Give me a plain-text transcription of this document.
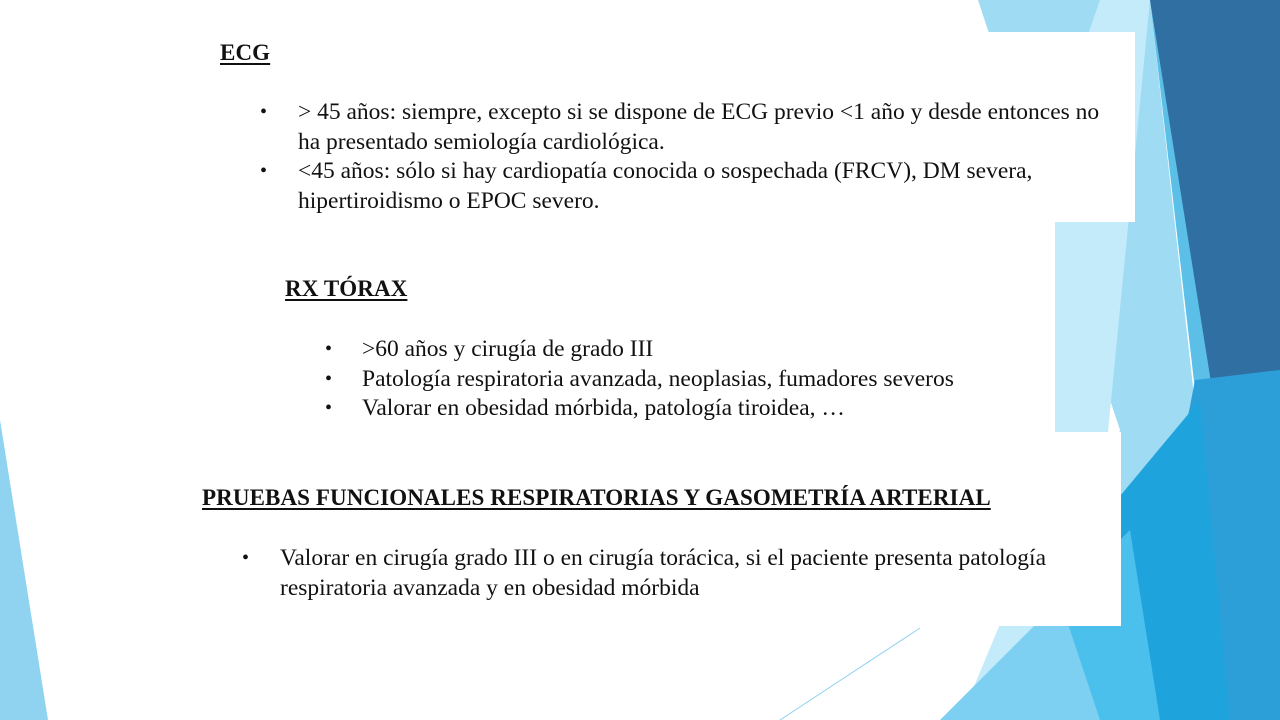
ECG
• > 45 años: siempre, excepto si se dispone de ECG previo <1 año y desde entonces no ha presentado semiología cardiológica.
• <45 años: sólo si hay cardiopatía conocida o sospechada (FRCV), DM severa, hipertiroidismo o EPOC severo.
RX TÓRAX
• >60 años y cirugía de grado III
• Patología respiratoria avanzada, neoplasias, fumadores severos
• Valorar en obesidad mórbida, patología tiroidea, …
PRUEBAS FUNCIONALES RESPIRATORIAS Y GASOMETRÍA ARTERIAL
• Valorar en cirugía grado III o en cirugía torácica, si el paciente presenta patología respiratoria avanzada y en obesidad mórbida
